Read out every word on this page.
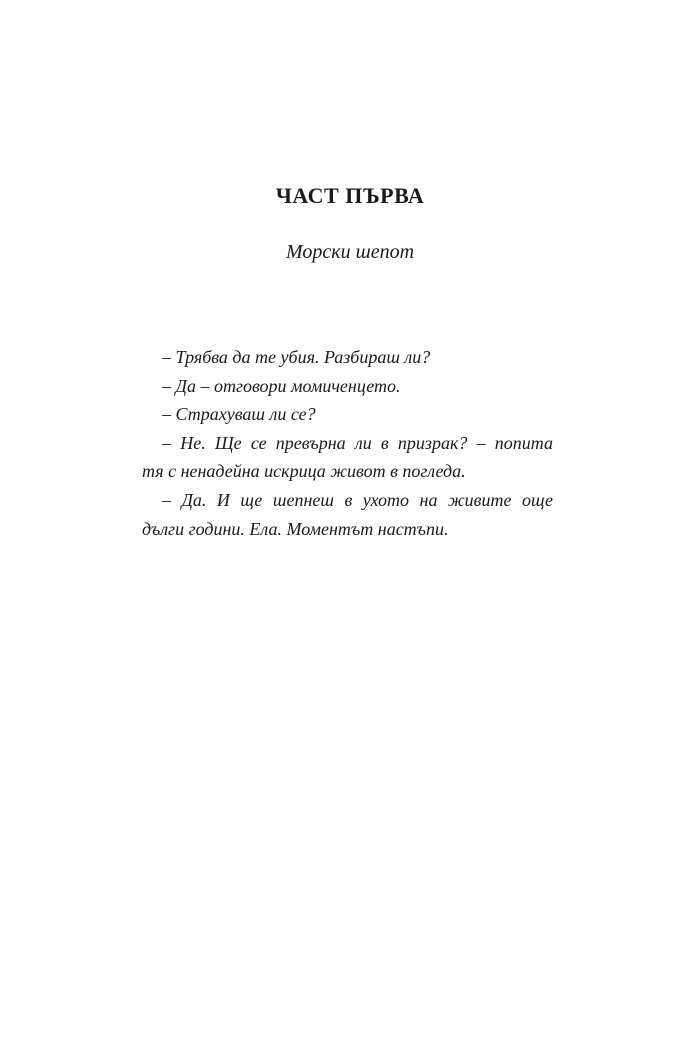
ЧАСТ ПЪРВА
Морски шепот
– Трябва да те убия. Разбираш ли?
– Да – отговори момиченцето.
– Страхуваш ли се?
– Не. Ще се превърна ли в призрак? – попита
тя с ненадейна искрица живот в погледа.
– Да. И ще шепнеш в ухото на живите още
дълги години. Ела. Моментът настъпи.
